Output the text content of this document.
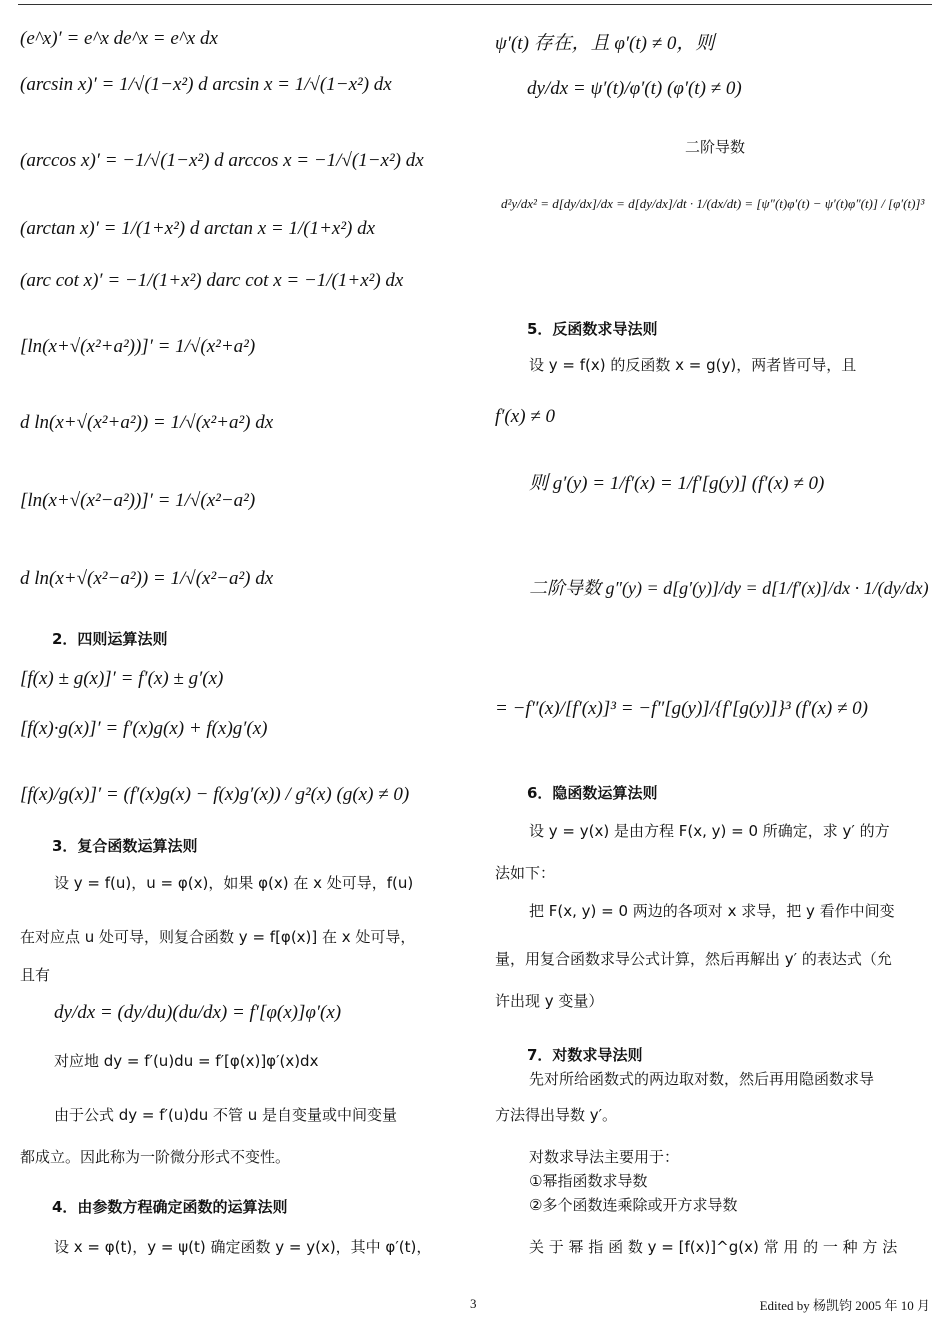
(e^x)′ = e^x de^x = e^x dx
(arcsin x)′ = 1/√(1−x²) d arcsin x = 1/√(1−x²) dx
(arccos x)′ = −1/√(1−x²) d arccos x = −1/√(1−x²) dx
(arctan x)′ = 1/(1+x²) d arctan x = 1/(1+x²) dx
(arc cot x)′ = −1/(1+x²) darc cot x = −1/(1+x²) dx
[ln(x+√(x²+a²))]′ = 1/√(x²+a²)
d ln(x+√(x²+a²)) = 1/√(x²+a²) dx
[ln(x+√(x²−a²))]′ = 1/√(x²−a²)
d ln(x+√(x²−a²)) = 1/√(x²−a²) dx
2．四则运算法则
[f(x) ± g(x)]′ = f′(x) ± g′(x)
[f(x)·g(x)]′ = f′(x)g(x) + f(x)g′(x)
[f(x)/g(x)]′ = (f′(x)g(x) − f(x)g′(x)) / g²(x) (g(x) ≠ 0)
3．复合函数运算法则
设 y = f(u)，u = φ(x)，如果 φ(x) 在 x 处可导，f(u)
在对应点 u 处可导，则复合函数 y = f[φ(x)] 在 x 处可导，
且有
dy/dx = (dy/du)(du/dx) = f′[φ(x)]φ′(x)
对应地 dy = f′(u)du = f′[φ(x)]φ′(x)dx
由于公式 dy = f′(u)du 不管 u 是自变量或中间变量
都成立。因此称为一阶微分形式不变性。
4．由参数方程确定函数的运算法则
设 x = φ(t)，y = ψ(t) 确定函数 y = y(x)，其中 φ′(t)，
ψ′(t) 存在，且 φ′(t) ≠ 0，则
dy/dx = ψ′(t)/φ′(t) (φ′(t) ≠ 0)
二阶导数
d²y/dx² = d[dy/dx]/dx = d[dy/dx]/dt · 1/(dx/dt) = [ψ″(t)φ′(t) − ψ′(t)φ″(t)] / [φ′(t)]³
5．反函数求导法则
设 y = f(x) 的反函数 x = g(y)，两者皆可导，且
f′(x) ≠ 0
则 g′(y) = 1/f′(x) = 1/f′[g(y)] (f′(x) ≠ 0)
二阶导数 g″(y) = d[g′(y)]/dy = d[1/f′(x)]/dx · 1/(dy/dx)
= −f″(x)/[f′(x)]³ = −f″[g(y)]/{f′[g(y)]}³ (f′(x) ≠ 0)
6．隐函数运算法则
设 y = y(x) 是由方程 F(x, y) = 0 所确定，求 y′ 的方
法如下：
把 F(x, y) = 0 两边的各项对 x 求导，把 y 看作中间变
量，用复合函数求导公式计算，然后再解出 y′ 的表达式（允
许出现 y 变量）
7．对数求导法则
先对所给函数式的两边取对数，然后再用隐函数求导
方法得出导数 y′。
对数求导法主要用于：
①幂指函数求导数
②多个函数连乘除或开方求导数
关 于 幂 指 函 数 y = [f(x)]^g(x) 常 用 的 一 种 方 法
3	Edited by 杨凯钧 2005 年 10 月
